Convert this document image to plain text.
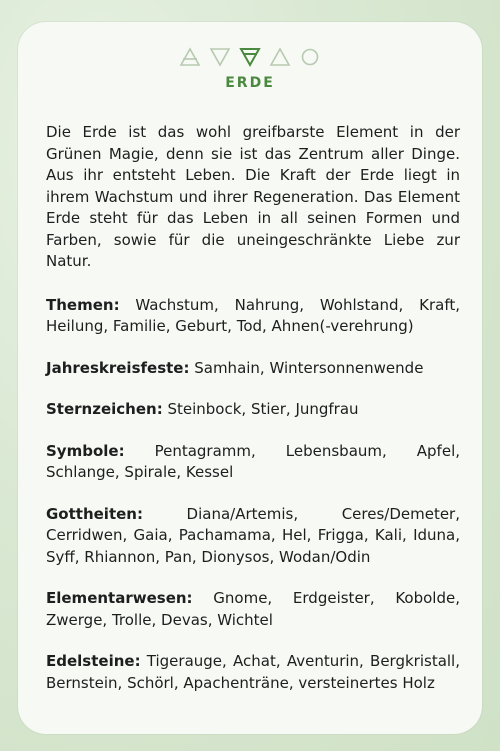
ERDE

Die Erde ist das wohl greifbarste Element in der Grünen Magie, denn sie ist das Zentrum aller Dinge. Aus ihr entsteht Leben. Die Kraft der Erde liegt in ihrem Wachstum und ihrer Regeneration. Das Element Erde steht für das Leben in all seinen Formen und Farben, sowie für die uneingeschränkte Liebe zur Natur.

Themen: Wachstum, Nahrung, Wohlstand, Kraft, Heilung, Familie, Geburt, Tod, Ahnen(-verehrung)

Jahreskreisfeste: Samhain, Wintersonnenwende

Sternzeichen: Steinbock, Stier, Jungfrau

Symbole: Pentagramm, Lebensbaum, Apfel, Schlange, Spirale, Kessel

Gottheiten: Diana/Artemis, Ceres/Demeter, Cerridwen, Gaia, Pachamama, Hel, Frigga, Kali, Iduna, Syff, Rhiannon, Pan, Dionysos, Wodan/Odin

Elementarwesen: Gnome, Erdgeister, Kobolde, Zwerge, Trolle, Devas, Wichtel

Edelsteine: Tigerauge, Achat, Aventurin, Bergkristall, Bernstein, Schörl, Apachenträne, versteinertes Holz
